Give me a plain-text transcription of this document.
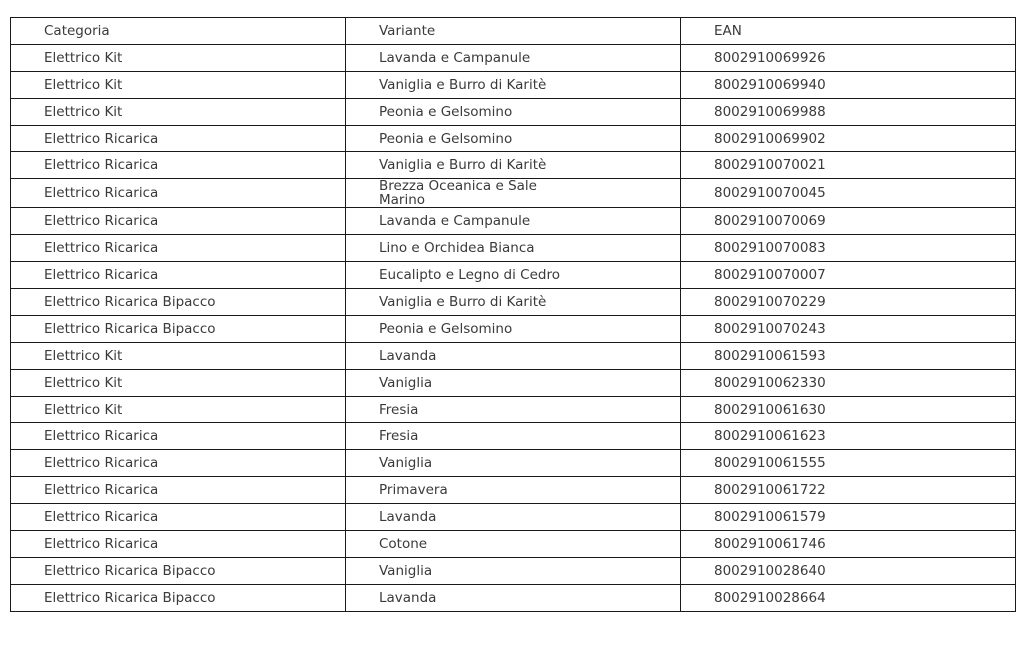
Categoria	Variante	EAN
Elettrico Kit	Lavanda e Campanule	8002910069926
Elettrico Kit	Vaniglia e Burro di Karitè	8002910069940
Elettrico Kit	Peonia e Gelsomino	8002910069988
Elettrico Ricarica	Peonia e Gelsomino	8002910069902
Elettrico Ricarica	Vaniglia e Burro di Karitè	8002910070021
Elettrico Ricarica	Brezza Oceanica e Sale Marino	8002910070045
Elettrico Ricarica	Lavanda e Campanule	8002910070069
Elettrico Ricarica	Lino e Orchidea Bianca	8002910070083
Elettrico Ricarica	Eucalipto e Legno di Cedro	8002910070007
Elettrico Ricarica Bipacco	Vaniglia e Burro di Karitè	8002910070229
Elettrico Ricarica Bipacco	Peonia e Gelsomino	8002910070243
Elettrico Kit	Lavanda	8002910061593
Elettrico Kit	Vaniglia	8002910062330
Elettrico Kit	Fresia	8002910061630
Elettrico Ricarica	Fresia	8002910061623
Elettrico Ricarica	Vaniglia	8002910061555
Elettrico Ricarica	Primavera	8002910061722
Elettrico Ricarica	Lavanda	8002910061579
Elettrico Ricarica	Cotone	8002910061746
Elettrico Ricarica Bipacco	Vaniglia	8002910028640
Elettrico Ricarica Bipacco	Lavanda	8002910028664
